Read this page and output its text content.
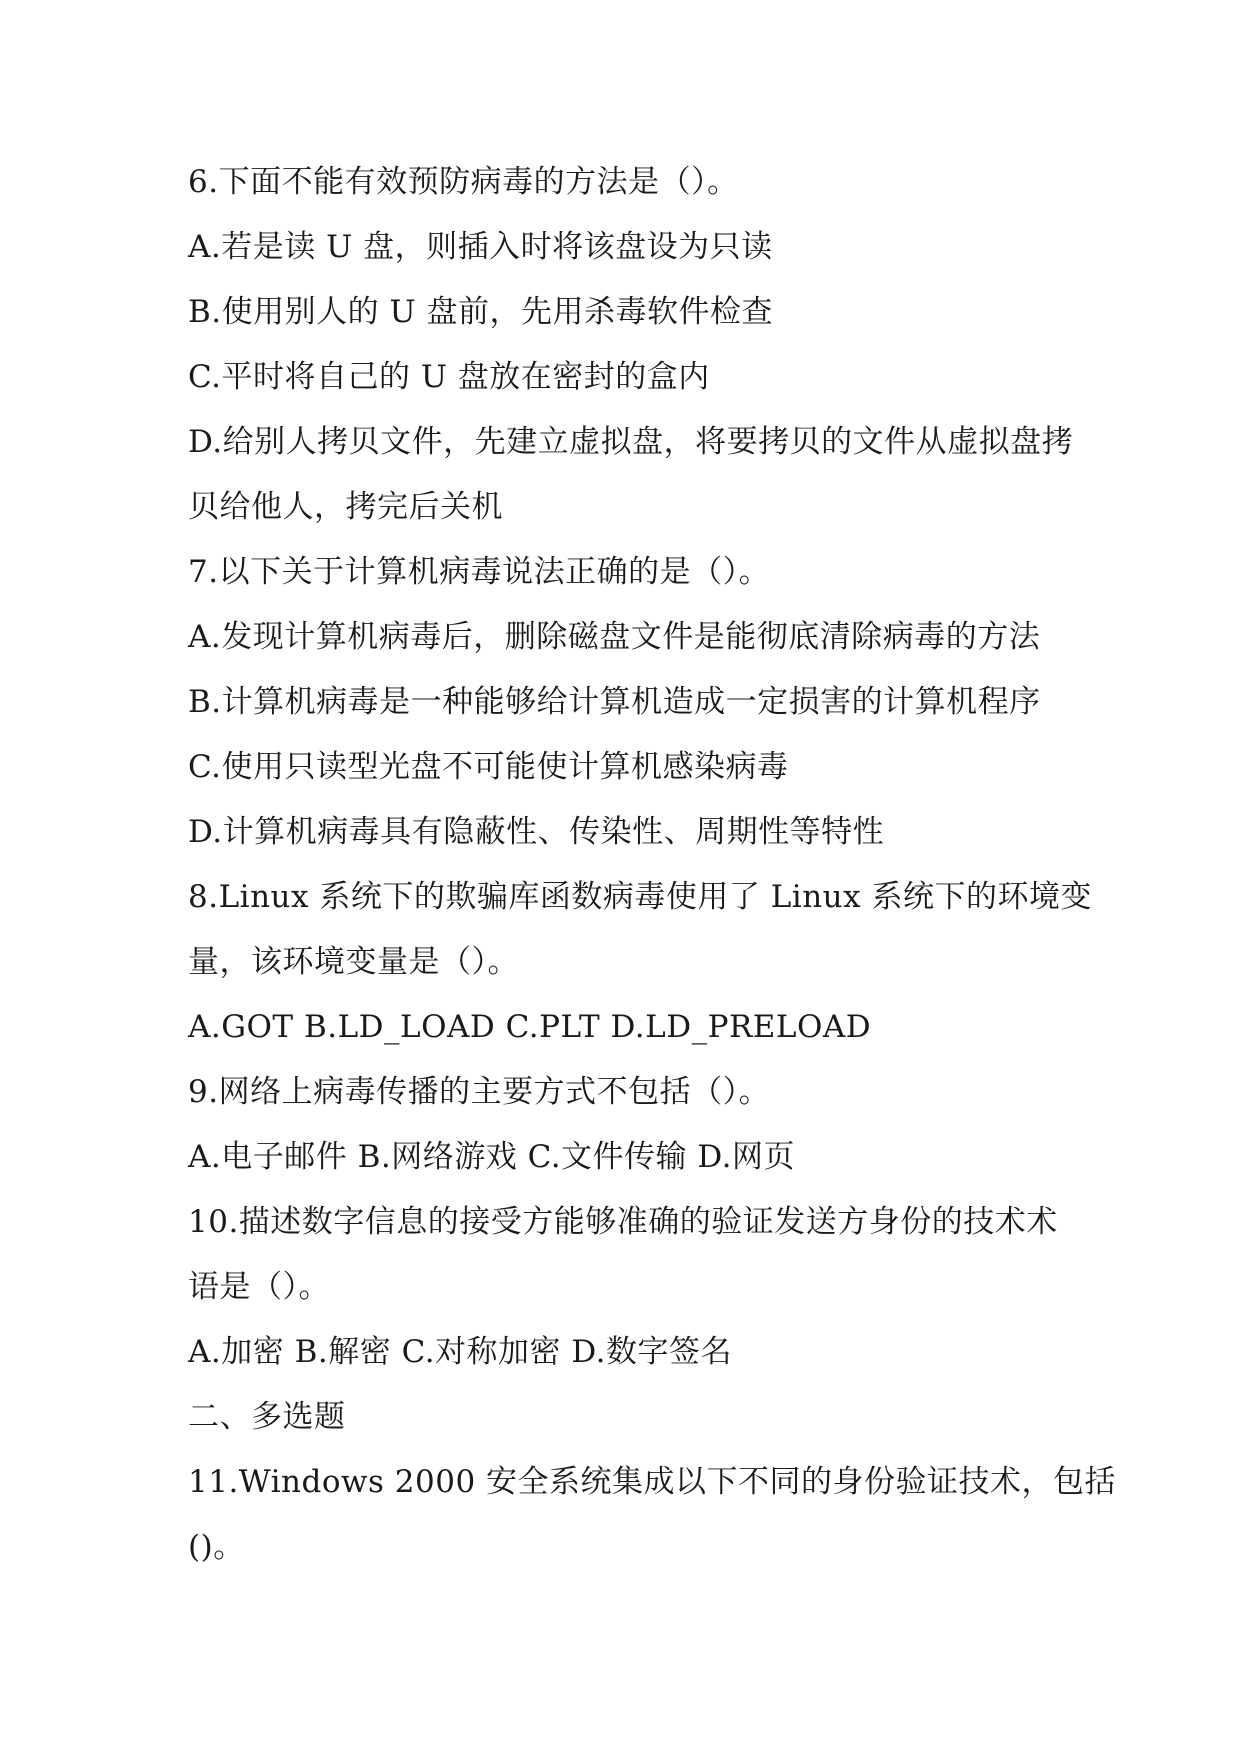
6.下面不能有效预防病毒的方法是（）。
A.若是读 U 盘，则插入时将该盘设为只读
B.使用别人的 U 盘前，先用杀毒软件检查
C.平时将自己的 U 盘放在密封的盒内
D.给别人拷贝文件，先建立虚拟盘，将要拷贝的文件从虚拟盘拷
贝给他人，拷完后关机
7.以下关于计算机病毒说法正确的是（）。
A.发现计算机病毒后，删除磁盘文件是能彻底清除病毒的方法
B.计算机病毒是一种能够给计算机造成一定损害的计算机程序
C.使用只读型光盘不可能使计算机感染病毒
D.计算机病毒具有隐蔽性、传染性、周期性等特性
8.Linux 系统下的欺骗库函数病毒使用了 Linux 系统下的环境变
量，该环境变量是（）。
A.GOT B.LD_LOAD C.PLT D.LD_PRELOAD
9.网络上病毒传播的主要方式不包括（）。
A.电子邮件 B.网络游戏 C.文件传输 D.网页
10.描述数字信息的接受方能够准确的验证发送方身份的技术术
语是（）。
A.加密 B.解密 C.对称加密 D.数字签名
二、多选题
11.Windows 2000 安全系统集成以下不同的身份验证技术，包括
()。
